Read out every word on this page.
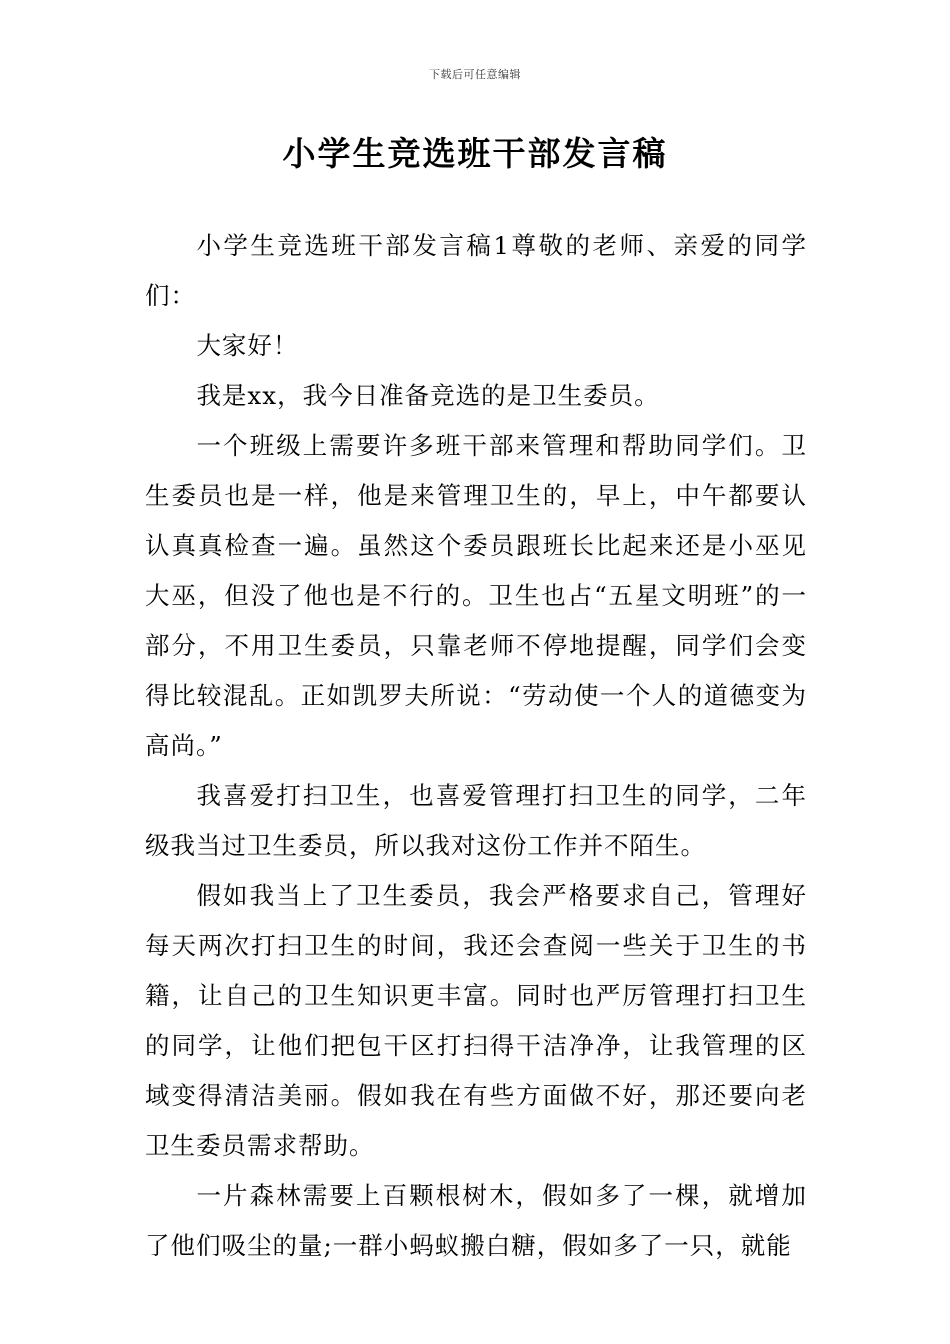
下载后可任意编辑
小学生竞选班干部发言稿

小学生竞选班干部发言稿1尊敬的老师、亲爱的同学们：

大家好！

我是xx，我今日准备竞选的是卫生委员。

一个班级上需要许多班干部来管理和帮助同学们。卫生委员也是一样，他是来管理卫生的，早上，中午都要认认真真检查一遍。虽然这个委员跟班长比起来还是小巫见大巫，但没了他也是不行的。卫生也占“五星文明班”的一部分，不用卫生委员，只靠老师不停地提醒，同学们会变得比较混乱。正如凯罗夫所说：“劳动使一个人的道德变为高尚。”

我喜爱打扫卫生，也喜爱管理打扫卫生的同学，二年级我当过卫生委员，所以我对这份工作并不陌生。

假如我当上了卫生委员，我会严格要求自己，管理好每天两次打扫卫生的时间，我还会查阅一些关于卫生的书籍，让自己的卫生知识更丰富。同时也严厉管理打扫卫生的同学，让他们把包干区打扫得干洁净净，让我管理的区域变得清洁美丽。假如我在有些方面做不好，那还要向老卫生委员需求帮助。

一片森林需要上百颗根树木，假如多了一棵，就增加了他们吸尘的量;一群小蚂蚁搬白糖，假如多了一只，就能
